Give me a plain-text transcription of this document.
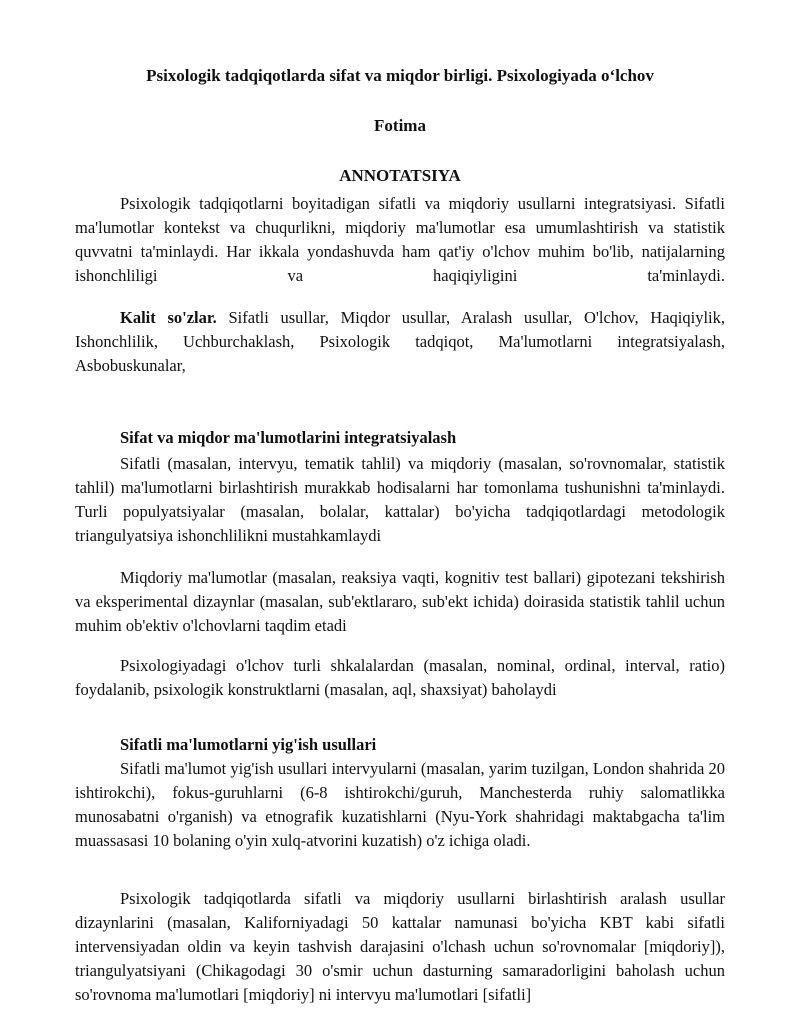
Psixologik tadqiqotlarda sifat va miqdor birligi. Psixologiyada o‘lchov
Fotima
ANNOTATSIYA

Psixologik tadqiqotlarni boyitadigan sifatli va miqdoriy usullarni integratsiyasi. Sifatli ma'lumotlar kontekst va chuqurlikni, miqdoriy ma'lumotlar esa umumlashtirish va statistik quvvatni ta'minlaydi. Har ikkala yondashuvda ham qat'iy o'lchov muhim bo'lib, natijalarning ishonchliligi va haqiqiyligini ta'minlaydi.

Kalit so'zlar. Sifatli usullar, Miqdor usullar, Aralash usullar, O'lchov, Haqiqiylik, Ishonchlilik, Uchburchaklash, Psixologik tadqiqot, Ma'lumotlarni integratsiyalash, Asbobuskunalar,

Sifat va miqdor ma'lumotlarini integratsiyalash

Sifatli (masalan, intervyu, tematik tahlil) va miqdoriy (masalan, so'rovnomalar, statistik tahlil) ma'lumotlarni birlashtirish murakkab hodisalarni har tomonlama tushunishni ta'minlaydi. Turli populyatsiyalar (masalan, bolalar, kattalar) bo'yicha tadqiqotlardagi metodologik triangulyatsiya ishonchlilikni mustahkamlaydi

Miqdoriy ma'lumotlar (masalan, reaksiya vaqti, kognitiv test ballari) gipotezani tekshirish va eksperimental dizaynlar (masalan, sub'ektlararo, sub'ekt ichida) doirasida statistik tahlil uchun muhim ob'ektiv o'lchovlarni taqdim etadi

Psixologiyadagi o'lchov turli shkalalardan (masalan, nominal, ordinal, interval, ratio) foydalanib, psixologik konstruktlarni (masalan, aql, shaxsiyat) baholaydi

Sifatli ma'lumotlarni yig'ish usullari

Sifatli ma'lumot yig'ish usullari intervyularni (masalan, yarim tuzilgan, London shahrida 20 ishtirokchi), fokus-guruhlarni (6-8 ishtirokchi/guruh, Manchesterda ruhiy salomatlikka munosabatni o'rganish) va etnografik kuzatishlarni (Nyu-York shahridagi maktabgacha ta'lim muassasasi 10 bolaning o'yin xulq-atvorini kuzatish) o'z ichiga oladi.

Psixologik tadqiqotlarda sifatli va miqdoriy usullarni birlashtirish aralash usullar dizaynlarini (masalan, Kaliforniyadagi 50 kattalar namunasi bo'yicha KBT kabi sifatli intervensiyadan oldin va keyin tashvish darajasini o'lchash uchun so'rovnomalar [miqdoriy]), triangulyatsiyani (Chikagodagi 30 o'smir uchun dasturning samaradorligini baholash uchun so'rovnoma ma'lumotlari [miqdoriy] ni intervyu ma'lumotlari [sifatli]
